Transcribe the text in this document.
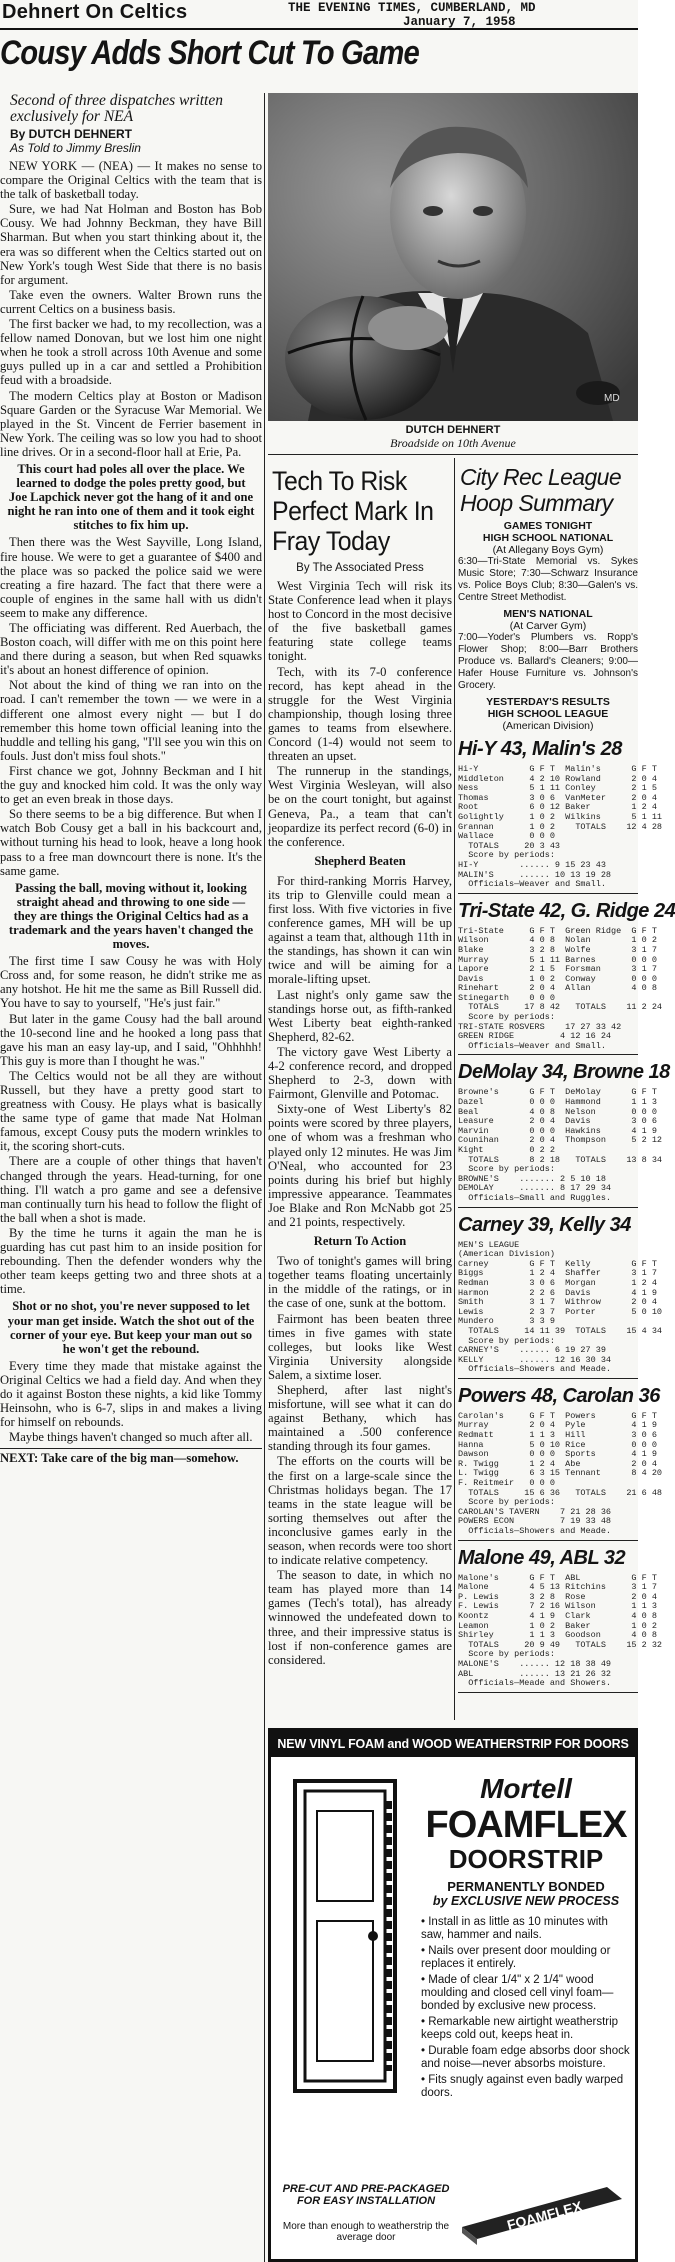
Dehnert On Celtics	THE EVENING TIMES, CUMBERLAND, MD
January 7, 1958
Cousy Adds Short Cut To Game
Second of three dispatches written exclusively for NEA
By DUTCH DEHNERT
As Told to Jimmy Breslin
NEW YORK — (NEA) — It makes no sense to compare the Original Celtics with the team that is the talk of basketball today.
Sure, we had Nat Holman and Boston has Bob Cousy. We had Johnny Beckman, they have Bill Sharman. But when you start thinking about it, the era was so different when the Celtics started out on New York's tough West Side that there is no basis for argument.
Take even the owners. Walter Brown runs the current Celtics on a business basis.
The first backer we had, to my recollection, was a fellow named Donovan, but we lost him one night when he took a stroll across 10th Avenue and some guys pulled up in a car and settled a Prohibition feud with a broadside.
The modern Celtics play at Boston or Madison Square Garden or the Syracuse War Memorial. We played in the St. Vincent de Ferrier basement in New York. The ceiling was so low you had to shoot line drives. Or in a second-floor hall at Erie, Pa.
This court had poles all over the place. We learned to dodge the poles pretty good, but Joe Lapchick never got the hang of it and one night he ran into one of them and it took eight stitches to fix him up.
Then there was the West Sayville, Long Island, fire house. We were to get a guarantee of $400 and the place was so packed the police said we were creating a fire hazard. The fact that there were a couple of engines in the same hall with us didn't seem to make any difference.
The officiating was different. Red Auerbach, the Boston coach, will differ with me on this point here and there during a season, but when Red squawks it's about an honest difference of opinion.
Not about the kind of thing we ran into on the road. I can't remember the town — we were in a different one almost every night — but I do remember this home town official leaning into the huddle and telling his gang, "I'll see you win this on fouls. Just don't miss foul shots."
First chance we got, Johnny Beckman and I hit the guy and knocked him cold. It was the only way to get an even break in those days.
So there seems to be a big difference. But when I watch Bob Cousy get a ball in his backcourt and, without turning his head to look, heave a long hook pass to a free man downcourt there is none. It's the same game.
Passing the ball, moving without it, looking straight ahead and throwing to one side — they are things the Original Celtics had as a trademark and the years haven't changed the moves.
The first time I saw Cousy he was with Holy Cross and, for some reason, he didn't strike me as any hotshot. He hit me the same as Bill Russell did. You have to say to yourself, "He's just fair."
But later in the game Cousy had the ball around the 10-second line and he hooked a long pass that gave his man an easy lay-up, and I said, "Ohhhhh! This guy is more than I thought he was."
The Celtics would not be all they are without Russell, but they have a pretty good start to greatness with Cousy. He plays what is basically the same type of game that made Nat Holman famous, except Cousy puts the modern wrinkles to it, the scoring short-cuts.
There are a couple of other things that haven't changed through the years. Head-turning, for one thing. I'll watch a pro game and see a defensive man continually turn his head to follow the flight of the ball when a shot is made.
By the time he turns it again the man he is guarding has cut past him to an inside position for rebounding. Then the defender wonders why the other team keeps getting two and three shots at a time.
Shot or no shot, you're never supposed to let your man get inside. Watch the shot out of the corner of your eye. But keep your man out so he won't get the rebound.
Every time they made that mistake against the Original Celtics we had a field day. And when they do it against Boston these nights, a kid like Tommy Heinsohn, who is 6-7, slips in and makes a living for himself on rebounds.
Maybe things haven't changed so much after all.
NEXT: Take care of the big man—somehow.
MD
DUTCH DEHNERT
Broadside on 10th Avenue
Tech To Risk Perfect Mark In Fray Today
By The Associated Press
West Virginia Tech will risk its State Conference lead when it plays host to Concord in the most decisive of the five basketball games featuring state college teams tonight.
Tech, with its 7-0 conference record, has kept ahead in the struggle for the West Virginia championship, though losing three games to teams from elsewhere. Concord (1-4) would not seem to threaten an upset.
The runnerup in the standings, West Virginia Wesleyan, will also be on the court tonight, but against Geneva, Pa., a team that can't jeopardize its perfect record (6-0) in the conference.
Shepherd Beaten
For third-ranking Morris Harvey, its trip to Glenville could mean a first loss. With five victories in five conference games, MH will be up against a team that, although 11th in the standings, has shown it can win twice and will be aiming for a morale-lifting upset.
Last night's only game saw the standings horse out, as fifth-ranked West Liberty beat eighth-ranked Shepherd, 82-62.
The victory gave West Liberty a 4-2 conference record, and dropped Shepherd to 2-3, down with Fairmont, Glenville and Potomac.
Sixty-one of West Liberty's 82 points were scored by three players, one of whom was a freshman who played only 12 minutes. He was Jim O'Neal, who accounted for 23 points during his brief but highly impressive appearance. Teammates Joe Blake and Ron McNabb got 25 and 21 points, respectively.
Return To Action
Two of tonight's games will bring together teams floating uncertainly in the middle of the ratings, or in the case of one, sunk at the bottom.
Fairmont has been beaten three times in five games with state colleges, but looks like West Virginia University alongside Salem, a sixtime loser.
Shepherd, after last night's misfortune, will see what it can do against Bethany, which has maintained a .500 conference standing through its four games.
The efforts on the courts will be the first on a large-scale since the Christmas holidays began. The 17 teams in the state league will be sorting themselves out after the inconclusive games early in the season, when records were too short to indicate relative competency.
The season to date, in which no team has played more than 14 games (Tech's total), has already winnowed the undefeated down to three, and their impressive status is lost if non-conference games are considered.
City Rec League Hoop Summary
GAMES TONIGHT
HIGH SCHOOL NATIONAL
(At Allegany Boys Gym)
6:30—Tri-State Memorial vs. Sykes Music Store; 7:30—Schwarz Insurance vs. Police Boys Club; 8:30—Galen's vs. Centre Street Methodist.
MEN'S NATIONAL
(At Carver Gym)
7:00—Yoder's Plumbers vs. Ropp's Flower Shop; 8:00—Barr Brothers Produce vs. Ballard's Cleaners; 9:00—Hafer House Furniture vs. Johnson's Grocery.
YESTERDAY'S RESULTS
HIGH SCHOOL LEAGUE
(American Division)
Hi-Y 43, Malin's 28
Hi-Y          G F T  Malin's      G F T
Middleton     4 2 10 Rowland      2 0 4
Ness          5 1 11 Conley       2 1 5
Thomas        3 0 6  VanMeter     2 0 4
Root          6 0 12 Baker        1 2 4
Golightly     1 0 2  Wilkins      5 1 11
Grannan       1 0 2    TOTALS    12 4 28
Wallace       0 0 0
TOTALS     20 3 43
Score by periods:
HI-Y        ...... 9 15 23 43
MALIN'S     ...... 10 13 19 28
Officials—Weaver and Small.
Tri-State 42, G. Ridge 24
Tri-State     G F T  Green Ridge  G F T
Wilson        4 0 8  Nolan        1 0 2
Blake         3 2 8  Wolfe        3 1 7
Murray        5 1 11 Barnes       0 0 0
Lapore        2 1 5  Forsman      3 1 7
Davis         1 0 2  Conway       0 0 0
Rinehart      2 0 4  Allan        4 0 8
Stinegarth    0 0 0
TOTALS     17 8 42   TOTALS    11 2 24
Score by periods:
TRI-STATE ROSVERS    17 27 33 42
GREEN RIDGE         4 12 16 24
Officials—Weaver and Small.
DeMolay 34, Browne 18
Browne's      G F T  DeMolay      G F T
Dazel         0 0 0  Hammond      1 1 3
Beal          4 0 8  Nelson       0 0 0
Leasure       2 0 4  Davis        3 0 6
Marvin        0 0 0  Hawkins      4 1 9
Counihan      2 0 4  Thompson     5 2 12
Kight         0 2 2
TOTALS      8 2 18   TOTALS    13 8 34
Score by periods:
BROWNE'S    ....... 2 5 10 18
DEMOLAY     ....... 8 17 29 34
Officials—Small and Ruggles.
Carney 39, Kelly 34
MEN'S LEAGUE
(American Division)
Carney        G F T  Kelly        G F T
Biggs         1 2 4  Shaffer      3 1 7
Redman        3 0 6  Morgan       1 2 4
Harmon        2 2 6  Davis        4 1 9
Smith         3 1 7  Withrow      2 0 4
Lewis         2 3 7  Porter       5 0 10
Mundero       3 3 9
TOTALS     14 11 39  TOTALS    15 4 34
Score by periods:
CARNEY'S    ...... 6 19 27 39
KELLY       ...... 12 16 30 34
Officials—Showers and Meade.
Powers 48, Carolan 36
Carolan's     G F T  Powers       G F T
Murray        2 0 4  Pyle         4 1 9
Redmatt       1 1 3  Hill         3 0 6
Hanna         5 0 10 Rice         0 0 0
Dawson        0 0 0  Sports       4 1 9
R. Twigg      1 2 4  Abe          2 0 4
L. Twigg      6 3 15 Tennant      8 4 20
F. Reitmeir   0 0 0
TOTALS     15 6 36   TOTALS    21 6 48
Score by periods:
CAROLAN'S TAVERN    7 21 28 36
POWERS ECON         7 19 33 48
Officials—Showers and Meade.
Malone 49, ABL 32
Malone's      G F T  ABL          G F T
Malone        4 5 13 Ritchins     3 1 7
P. Lewis      3 2 8  Rose         2 0 4
F. Lewis      7 2 16 Wilson       1 1 3
Koontz        4 1 9  Clark        4 0 8
Leamon        1 0 2  Baker        1 0 2
Shirley       1 1 3  Goodson      4 0 8
TOTALS     20 9 49   TOTALS    15 2 32
Score by periods:
MALONE'S    ...... 12 18 38 49
ABL         ...... 13 21 26 32
Officials—Meade and Showers.
NEW VINYL FOAM and WOOD WEATHERSTRIP FOR DOORS
Mortell
FOAMFLEX
DOORSTRIP
PERMANENTLY BONDED
by EXCLUSIVE NEW PROCESS
• Install in as little as 10 minutes with saw, hammer and nails.
• Nails over present door moulding or replaces it entirely.
• Made of clear 1/4" x 2 1/4" wood moulding and closed cell vinyl foam—bonded by exclusive new process.
• Remarkable new airtight weatherstrip keeps cold out, keeps heat in.
• Durable foam edge absorbs door shock and noise—never absorbs moisture.
• Fits snugly against even badly warped doors.
PRE-CUT AND PRE-PACKAGED FOR EASY INSTALLATION
More than enough to weatherstrip the average door
FOAMFLEX
